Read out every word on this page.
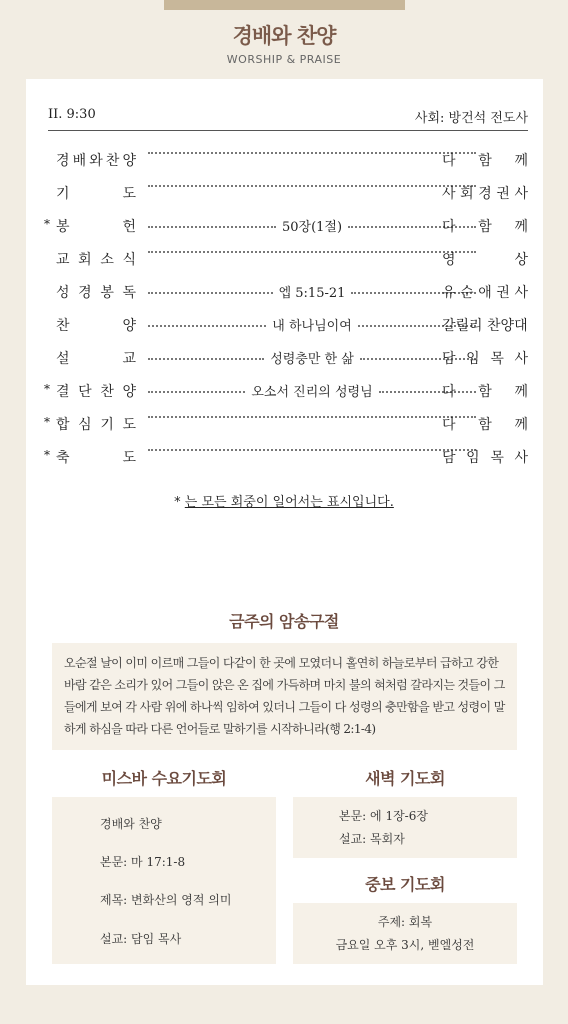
경배와 찬양
WORSHIP & PRAISE
II. 9:30	사회: 방건석 전도사
경 배 와 찬 양	다 함 께
기	도	사 회 경 권 사
* 봉	헌	50장(1절)	다 함 께
교 회 소 식	영	상
성 경 봉 독	엡 5:15-21	유 순 애 권 사
찬	양	내 하나님이여	갈릴리 찬양대
설	교	성령충만 한 삶	담 임 목 사
* 결 단 찬 양	오소서 진리의 성령님	다 함 께
* 합 심 기 도	다 함 께
* 축	도	담 임 목 사
* 는 모든 회중이 일어서는 표시입니다.
금주의 암송구절
오순절 날이 이미 이르매 그들이 다같이 한 곳에 모였더니 홀연히 하늘로부터 급하고 강한 바람 같은 소리가 있어 그들이 앉은 온 집에 가득하며 마치 불의 혀처럼 갈라지는 것들이 그들에게 보여 각 사람 위에 하나씩 임하여 있더니 그들이 다 성령의 충만함을 받고 성령이 말하게 하심을 따라 다른 언어들로 말하기를 시작하니라(행 2:1-4)
미스바 수요기도회
경배와 찬양
본문: 마 17:1-8
제목: 변화산의 영적 의미
설교: 담임 목사
새벽 기도회
본문: 에 1장-6장
설교: 목회자
중보 기도회
주제: 회복
금요일 오후 3시, 벧엘성전
